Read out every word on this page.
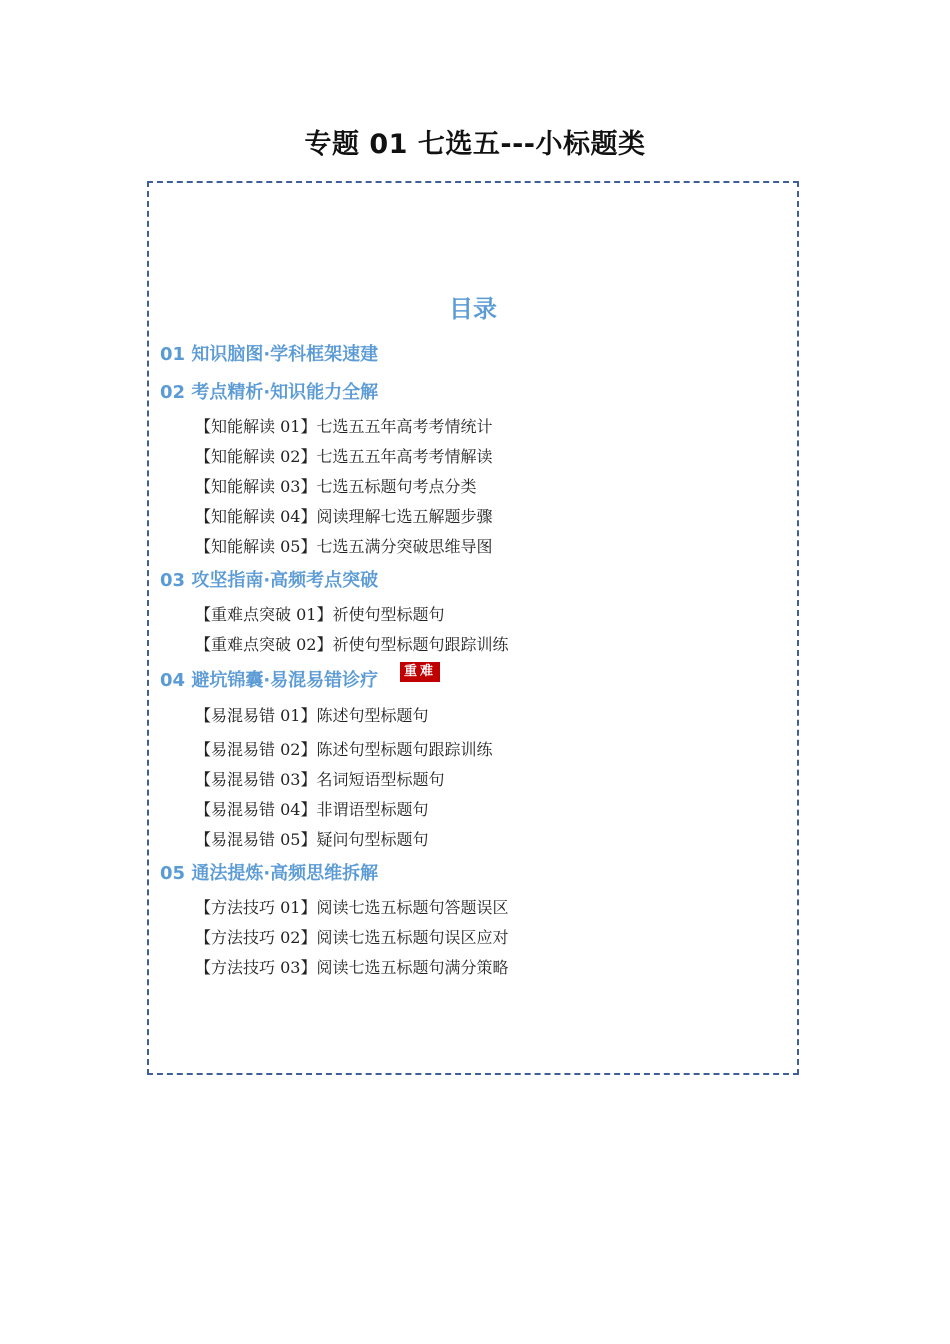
专题 01 七选五---小标题类
目录
01 知识脑图·学科框架速建
02 考点精析·知识能力全解
【知能解读 01】七选五五年高考考情统计
【知能解读 02】七选五五年高考考情解读
【知能解读 03】七选五标题句考点分类
【知能解读 04】阅读理解七选五解题步骤
【知能解读 05】七选五满分突破思维导图
03 攻坚指南·高频考点突破
【重难点突破 01】祈使句型标题句
【重难点突破 02】祈使句型标题句跟踪训练
04 避坑锦囊·易混易错诊疗	重难
【易混易错 01】陈述句型标题句
【易混易错 02】陈述句型标题句跟踪训练
【易混易错 03】名词短语型标题句
【易混易错 04】非谓语型标题句
【易混易错 05】疑问句型标题句
05 通法提炼·高频思维拆解
【方法技巧 01】阅读七选五标题句答题误区
【方法技巧 02】阅读七选五标题句误区应对
【方法技巧 03】阅读七选五标题句满分策略
